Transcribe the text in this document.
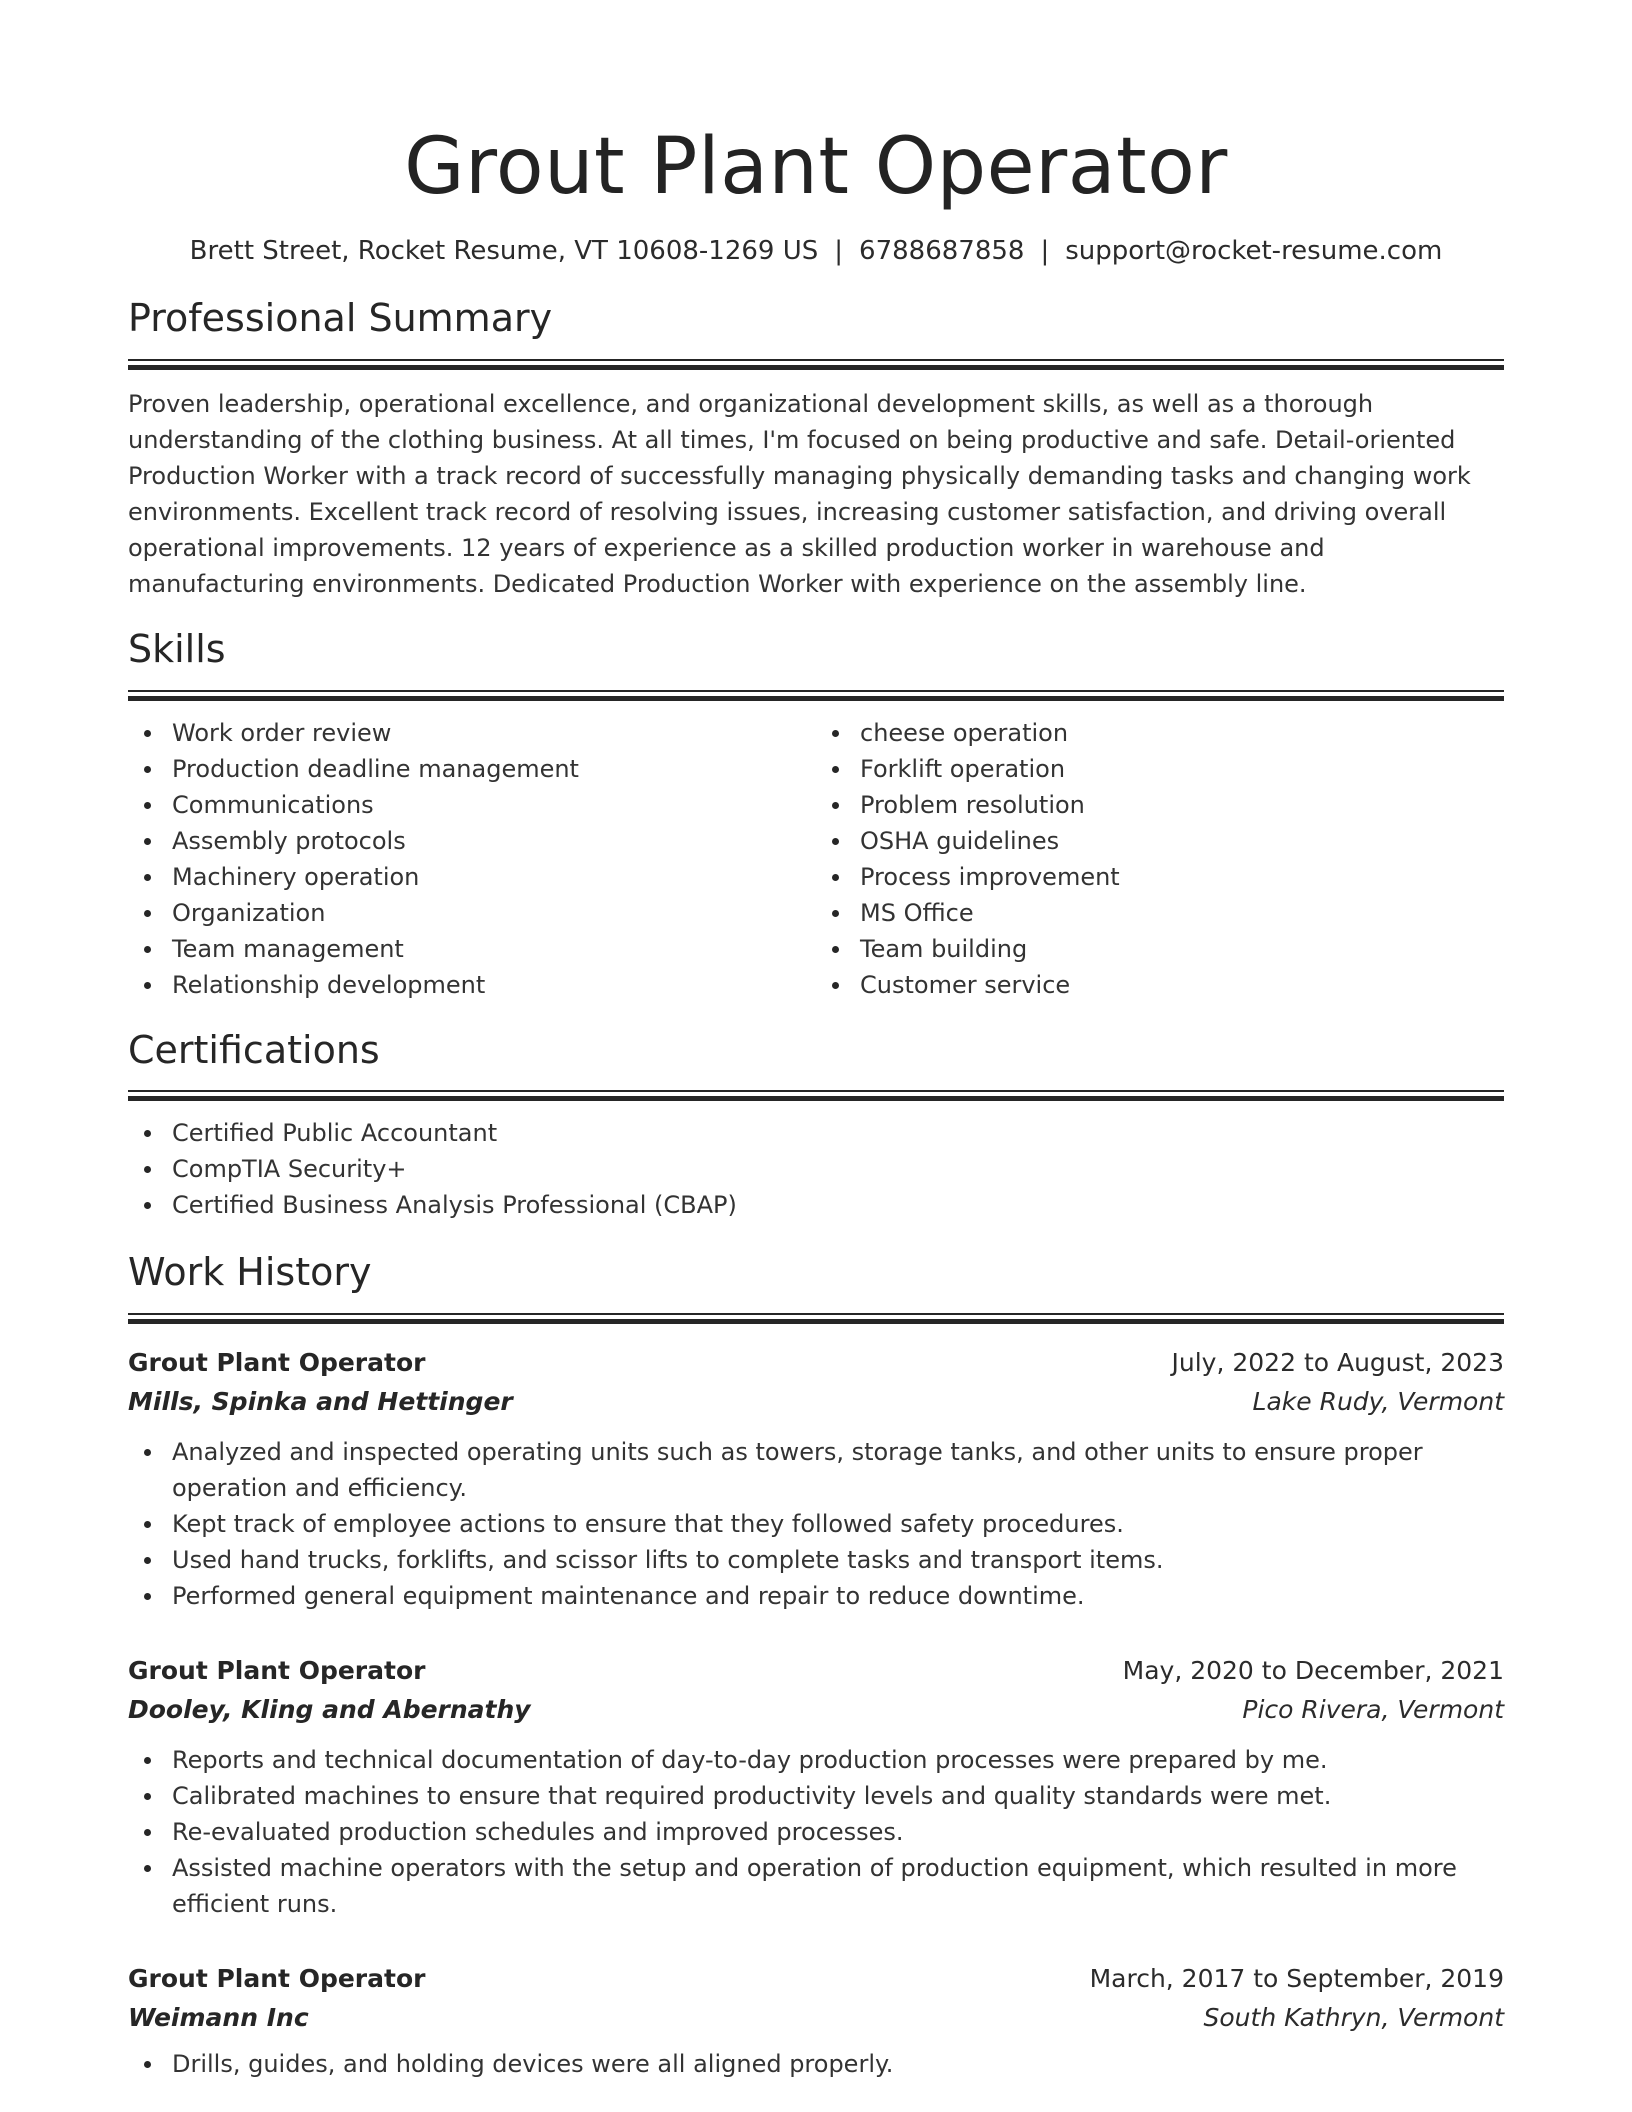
Grout Plant Operator
Brett Street, Rocket Resume, VT 10608-1269 US | 6788687858 | support@rocket-resume.com
Professional Summary

Proven leadership, operational excellence, and organizational development skills, as well as a thorough understanding of the clothing business. At all times, I'm focused on being productive and safe. Detail-oriented Production Worker with a track record of successfully managing physically demanding tasks and changing work environments. Excellent track record of resolving issues, increasing customer satisfaction, and driving overall operational improvements. 12 years of experience as a skilled production worker in warehouse and manufacturing environments. Dedicated Production Worker with experience on the assembly line.

Skills
Work order review
Production deadline management
Communications
Assembly protocols
Machinery operation
Organization
Team management
Relationship development
cheese operation
Forklift operation
Problem resolution
OSHA guidelines
Process improvement
MS Office
Team building
Customer service
Certifications
Certified Public Accountant
CompTIA Security+
Certified Business Analysis Professional (CBAP)
Work History
Grout Plant Operator	July, 2022 to August, 2023
Mills, Spinka and Hettinger	Lake Rudy, Vermont
Analyzed and inspected operating units such as towers, storage tanks, and other units to ensure proper operation and efficiency.
Kept track of employee actions to ensure that they followed safety procedures.
Used hand trucks, forklifts, and scissor lifts to complete tasks and transport items.
Performed general equipment maintenance and repair to reduce downtime.
Grout Plant Operator	May, 2020 to December, 2021
Dooley, Kling and Abernathy	Pico Rivera, Vermont
Reports and technical documentation of day-to-day production processes were prepared by me.
Calibrated machines to ensure that required productivity levels and quality standards were met.
Re-evaluated production schedules and improved processes.
Assisted machine operators with the setup and operation of production equipment, which resulted in more efficient runs.
Grout Plant Operator	March, 2017 to September, 2019
Weimann Inc	South Kathryn, Vermont
Drills, guides, and holding devices were all aligned properly.
